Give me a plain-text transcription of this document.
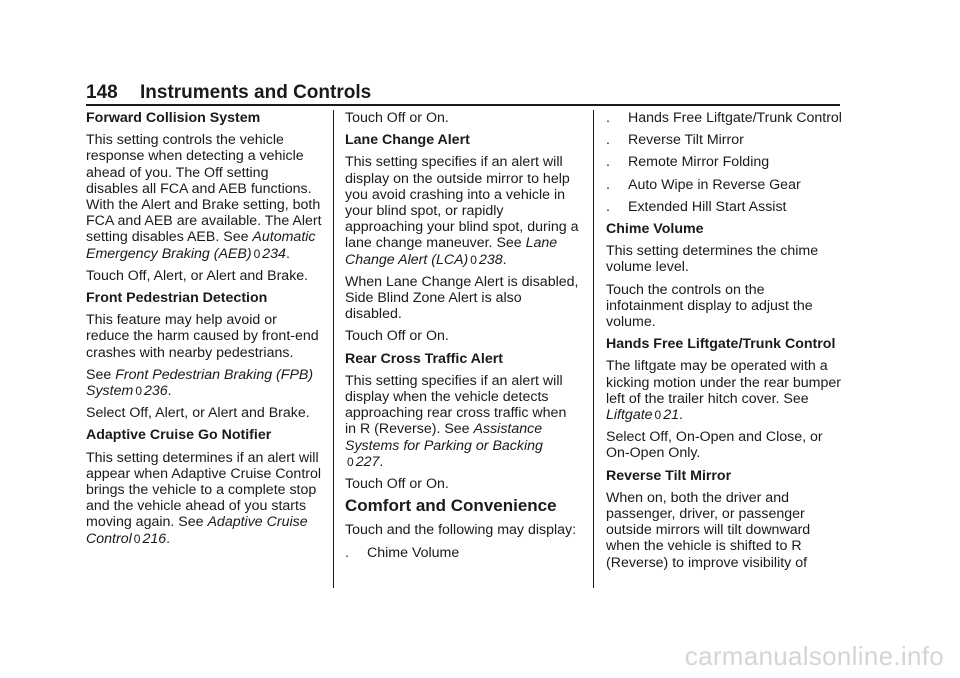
148 Instruments and Controls
Forward Collision System
This setting controls the vehicle response when detecting a vehicle ahead of you. The Off setting disables all FCA and AEB functions. With the Alert and Brake setting, both FCA and AEB are available. The Alert setting disables AEB. See Automatic Emergency Braking (AEB) 0 234.
Touch Off, Alert, or Alert and Brake.
Front Pedestrian Detection
This feature may help avoid or reduce the harm caused by front-end crashes with nearby pedestrians.
See Front Pedestrian Braking (FPB) System 0 236.
Select Off, Alert, or Alert and Brake.
Adaptive Cruise Go Notifier
This setting determines if an alert will appear when Adaptive Cruise Control brings the vehicle to a complete stop and the vehicle ahead of you starts moving again. See Adaptive Cruise Control 0 216.
Touch Off or On.
Lane Change Alert
This setting specifies if an alert will display on the outside mirror to help you avoid crashing into a vehicle in your blind spot, or rapidly approaching your blind spot, during a lane change maneuver. See Lane Change Alert (LCA) 0 238.
When Lane Change Alert is disabled, Side Blind Zone Alert is also disabled.
Touch Off or On.
Rear Cross Traffic Alert
This setting specifies if an alert will display when the vehicle detects approaching rear cross traffic when in R (Reverse). See Assistance Systems for Parking or Backing
0 227.
Touch Off or On.
Comfort and Convenience
Touch and the following may display:
. Chime Volume
. Hands Free Liftgate/Trunk Control
. Reverse Tilt Mirror
. Remote Mirror Folding
. Auto Wipe in Reverse Gear
. Extended Hill Start Assist
Chime Volume
This setting determines the chime volume level.
Touch the controls on the infotainment display to adjust the volume.
Hands Free Liftgate/Trunk Control
The liftgate may be operated with a kicking motion under the rear bumper left of the trailer hitch cover. See Liftgate 0 21.
Select Off, On-Open and Close, or On-Open Only.
Reverse Tilt Mirror
When on, both the driver and passenger, driver, or passenger outside mirrors will tilt downward when the vehicle is shifted to R (Reverse) to improve visibility of
carmanualsonline.info
